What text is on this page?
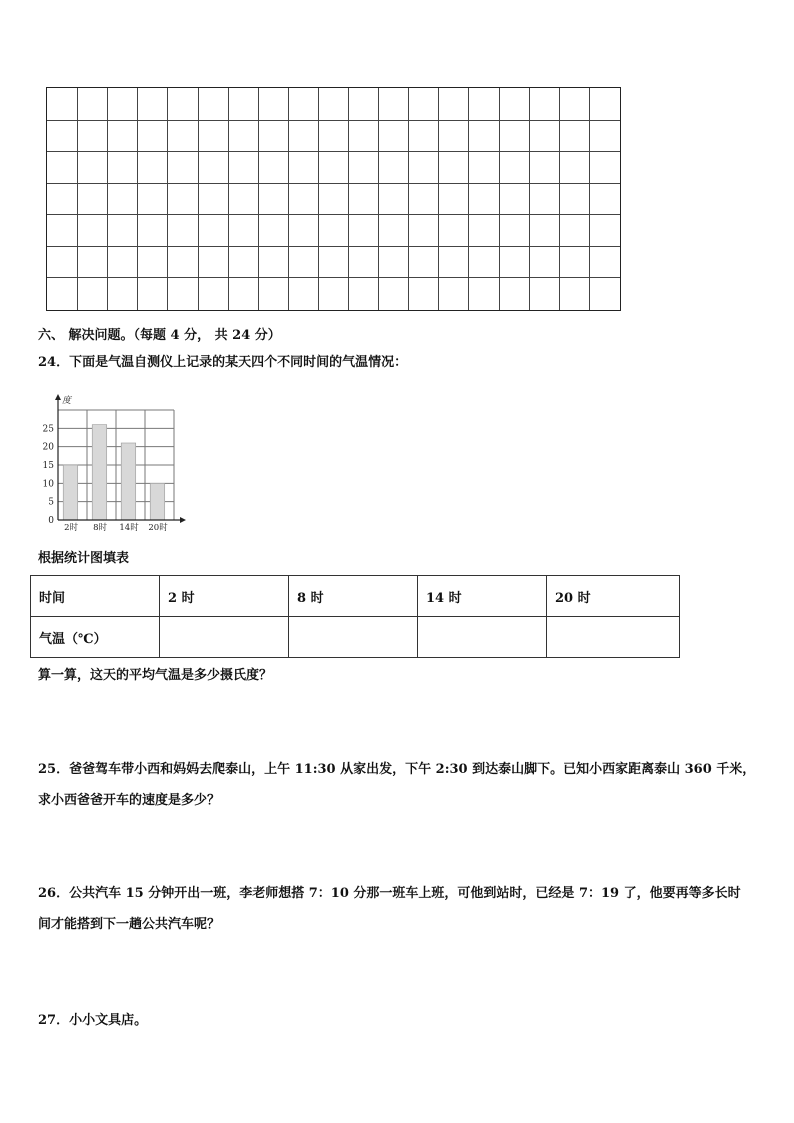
六、 解决问题。（每题 4 分， 共 24 分）
24．下面是气温自测仪上记录的某天四个不同时间的气温情况：
度
0
5
10
15
20
25
2时 8时 14时 20时
根据统计图填表
时间	2 时	8 时	14 时	20 时
气温（℃）				
算一算，这天的平均气温是多少摄氏度？
25．爸爸驾车带小西和妈妈去爬泰山，上午 11:30 从家出发，下午 2:30 到达泰山脚下。已知小西家距离泰山 360 千米，
求小西爸爸开车的速度是多少？
26．公共汽车 15 分钟开出一班，李老师想搭 7：10 分那一班车上班，可他到站时，已经是 7：19 了，他要再等多长时
间才能搭到下一趟公共汽车呢？
27．小小文具店。
